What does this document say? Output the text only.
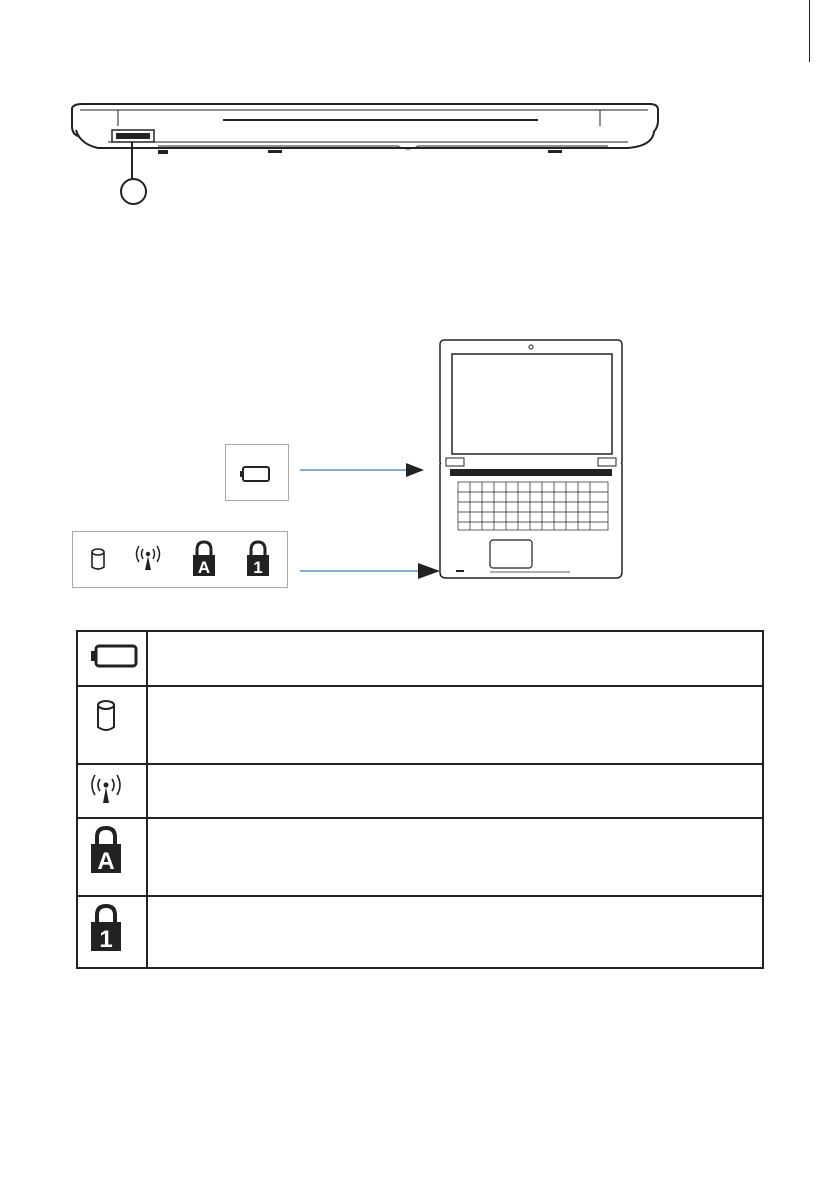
A	1

A	

1	
